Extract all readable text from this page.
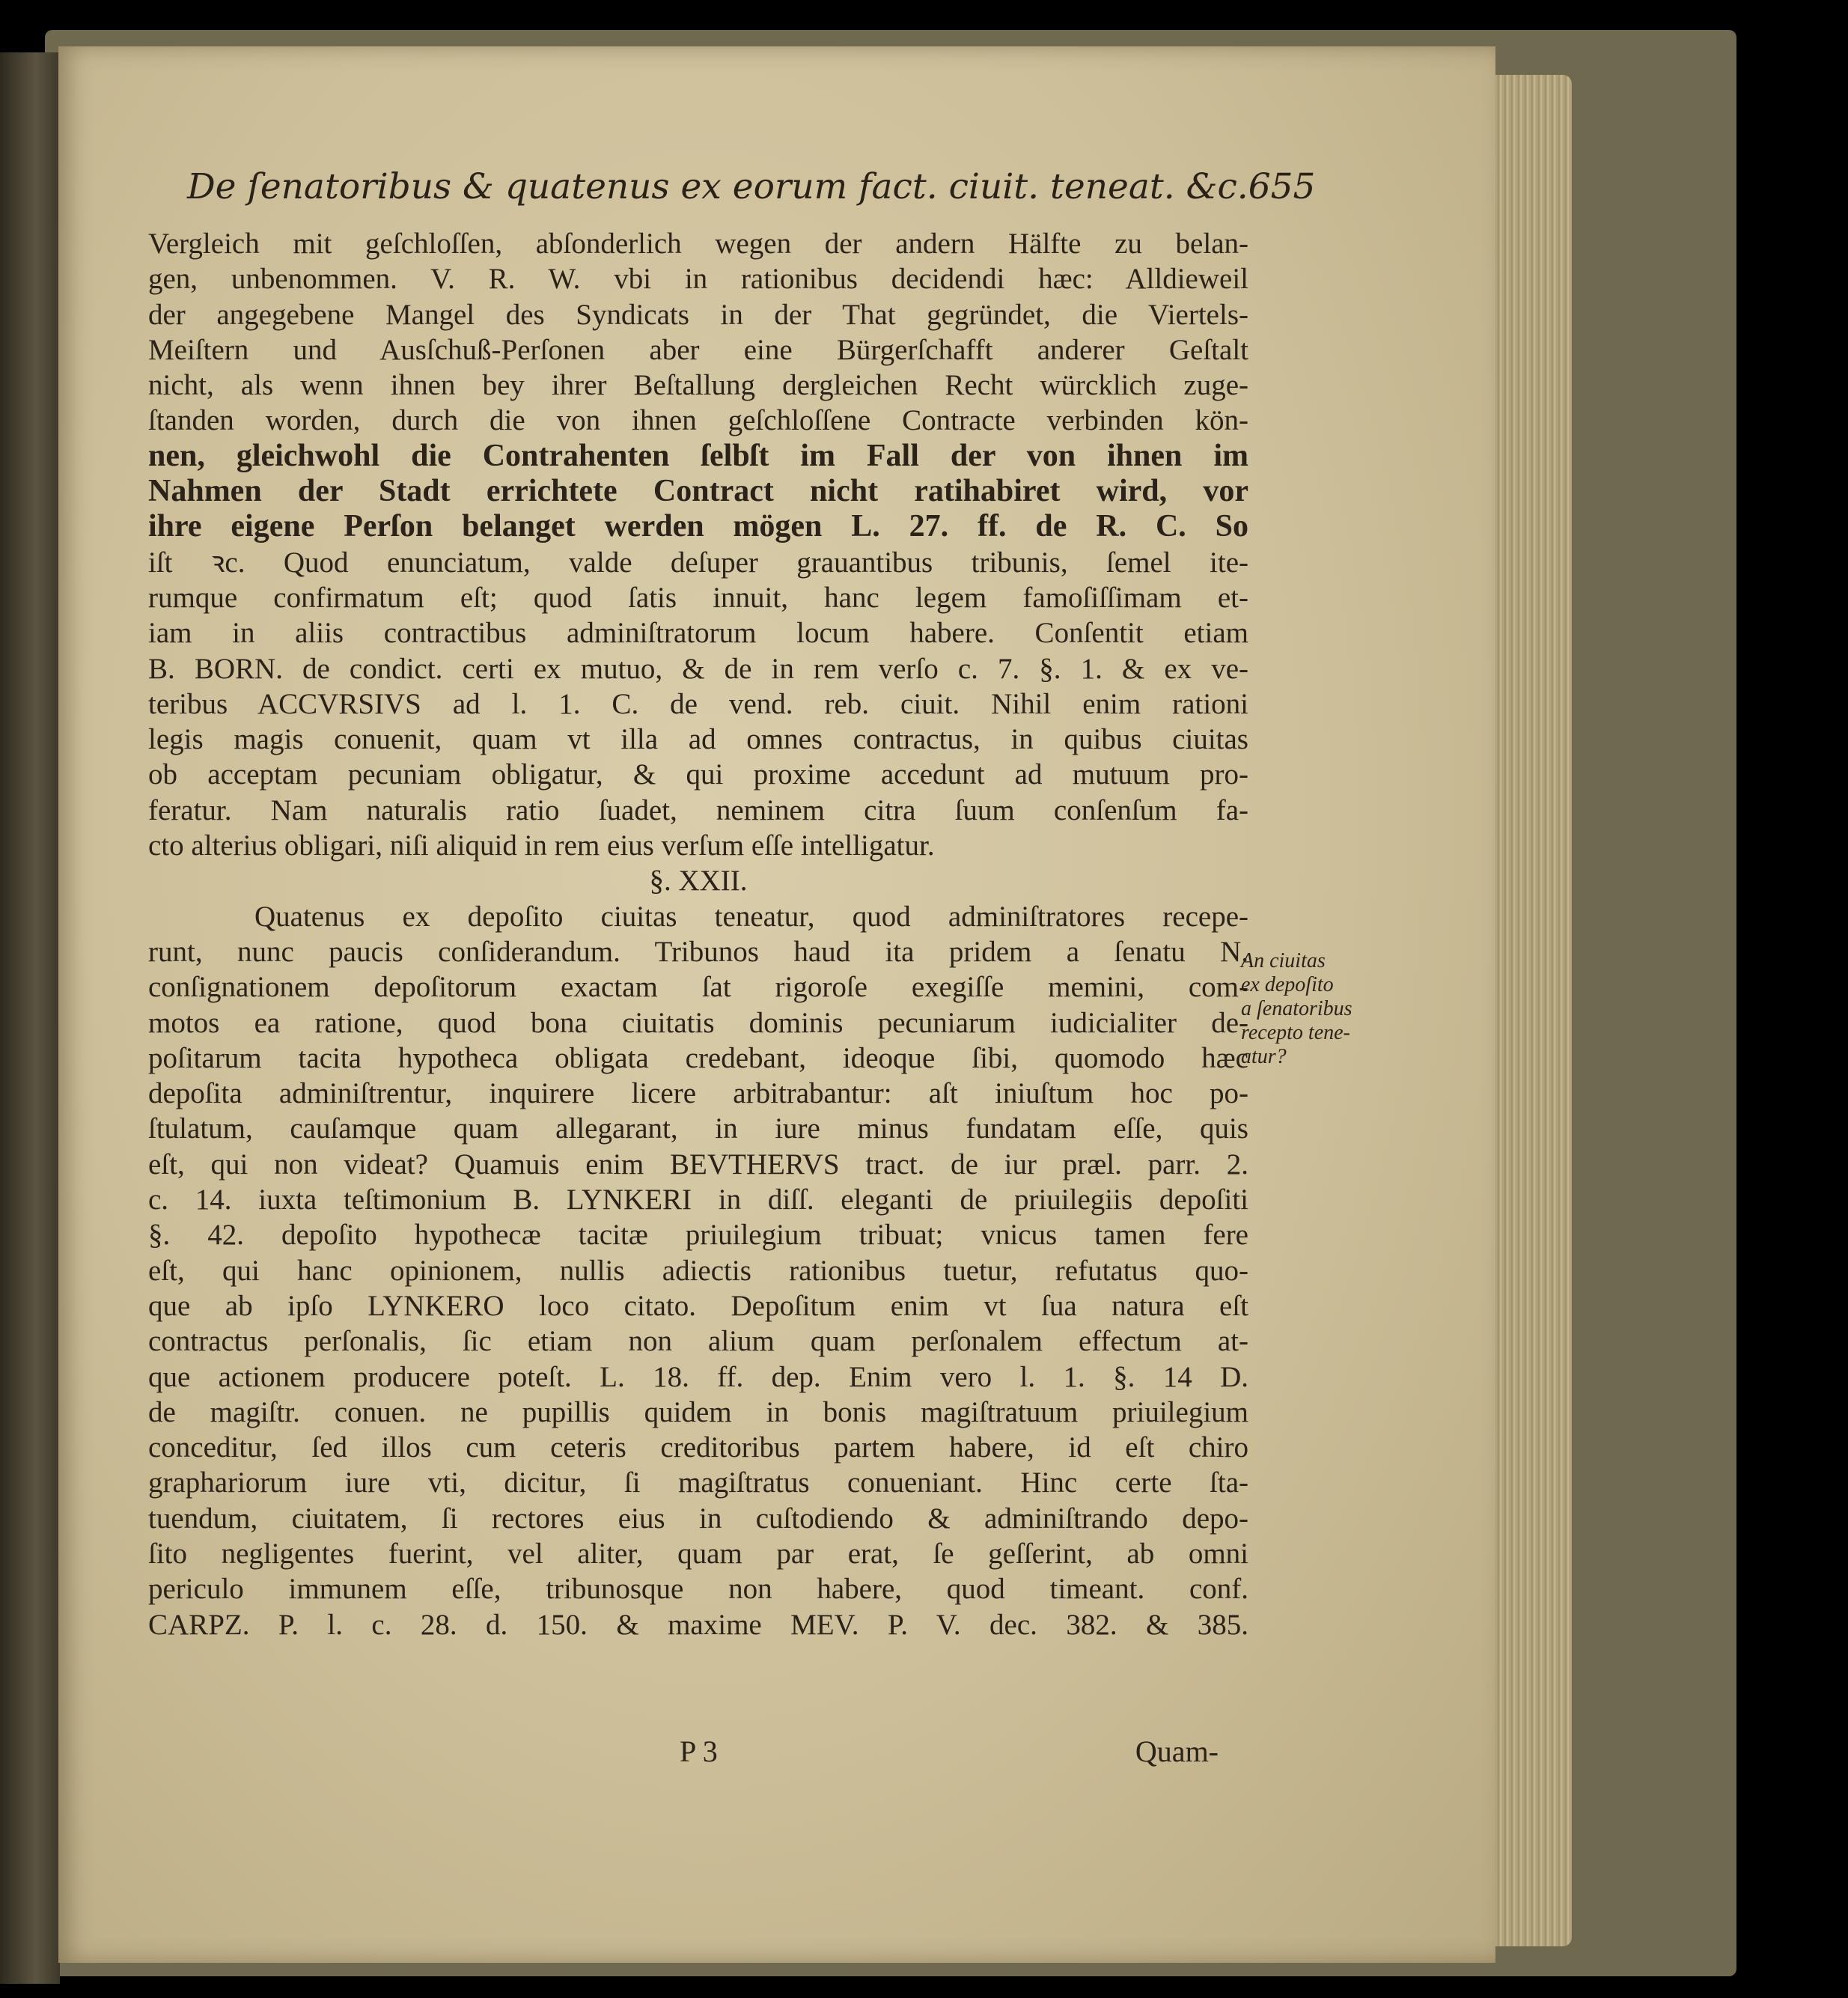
De ſenatoribus & quatenus ex eorum fact. ciuit. teneat. &c. 655
Vergleich mit geſchloſſen, abſonderlich wegen der andern Hälfte zu belan-
gen, unbenommen. V. R. W. vbi in rationibus decidendi hæc: Alldieweil
der angegebene Mangel des Syndicats in der That gegründet, die Viertels-
Meiſtern und Ausſchuß-Perſonen aber eine Bürgerſchafft anderer Geſtalt
nicht, als wenn ihnen bey ihrer Beſtallung dergleichen Recht würcklich zuge-
ſtanden worden, durch die von ihnen geſchloſſene Contracte verbinden kön-
nen, gleichwohl die Contrahenten ſelbſt im Fall der von ihnen im
Nahmen der Stadt errichtete Contract nicht ratihabiret wird, vor
ihre eigene Perſon belanget werden mögen L. 27. ff. de R. C. So
iſt ꝛc. Quod enunciatum, valde deſuper grauantibus tribunis, ſemel ite-
rumque confirmatum eſt; quod ſatis innuit, hanc legem famoſiſſimam et-
iam in aliis contractibus adminiſtratorum locum habere. Conſentit etiam
B. BORN. de condict. certi ex mutuo, & de in rem verſo c. 7. §. 1. & ex ve-
teribus ACCVRSIVS ad l. 1. C. de vend. reb. ciuit. Nihil enim rationi
legis magis conuenit, quam vt illa ad omnes contractus, in quibus ciuitas
ob acceptam pecuniam obligatur, & qui proxime accedunt ad mutuum pro-
feratur. Nam naturalis ratio ſuadet, neminem citra ſuum conſenſum fa-
cto alterius obligari, niſi aliquid in rem eius verſum eſſe intelligatur.
§. XXII.
Quatenus ex depoſito ciuitas teneatur, quod adminiſtratores recepe-
runt, nunc paucis conſiderandum. Tribunos haud ita pridem a ſenatu N.
conſignationem depoſitorum exactam ſat rigoroſe exegiſſe memini, com-
motos ea ratione, quod bona ciuitatis dominis pecuniarum iudicialiter de-
poſitarum tacita hypotheca obligata credebant, ideoque ſibi, quomodo hæc
depoſita adminiſtrentur, inquirere licere arbitrabantur: aſt iniuſtum hoc po-
ſtulatum, cauſamque quam allegarant, in iure minus fundatam eſſe, quis
eſt, qui non videat? Quamuis enim BEVTHERVS tract. de iur præl. parr. 2.
c. 14. iuxta teſtimonium B. LYNKERI in diſſ. eleganti de priuilegiis depoſiti
§. 42. depoſito hypothecæ tacitæ priuilegium tribuat; vnicus tamen fere
eſt, qui hanc opinionem, nullis adiectis rationibus tuetur, refutatus quo-
que ab ipſo LYNKERO loco citato. Depoſitum enim vt ſua natura eſt
contractus perſonalis, ſic etiam non alium quam perſonalem effectum at-
que actionem producere poteſt. L. 18. ff. dep. Enim vero l. 1. §. 14 D.
de magiſtr. conuen. ne pupillis quidem in bonis magiſtratuum priuilegium
conceditur, ſed illos cum ceteris creditoribus partem habere, id eſt chiro
graphariorum iure vti, dicitur, ſi magiſtratus conueniant. Hinc certe ſta-
tuendum, ciuitatem, ſi rectores eius in cuſtodiendo & adminiſtrando depo-
ſito negligentes fuerint, vel aliter, quam par erat, ſe geſſerint, ab omni
periculo immunem eſſe, tribunosque non habere, quod timeant. conf.
CARPZ. P. l. c. 28. d. 150. & maxime MEV. P. V. dec. 382. & 385.
An ciuitas
ex depoſito
a ſenatoribus
recepto tene-
atur?
P 3	Quam-
